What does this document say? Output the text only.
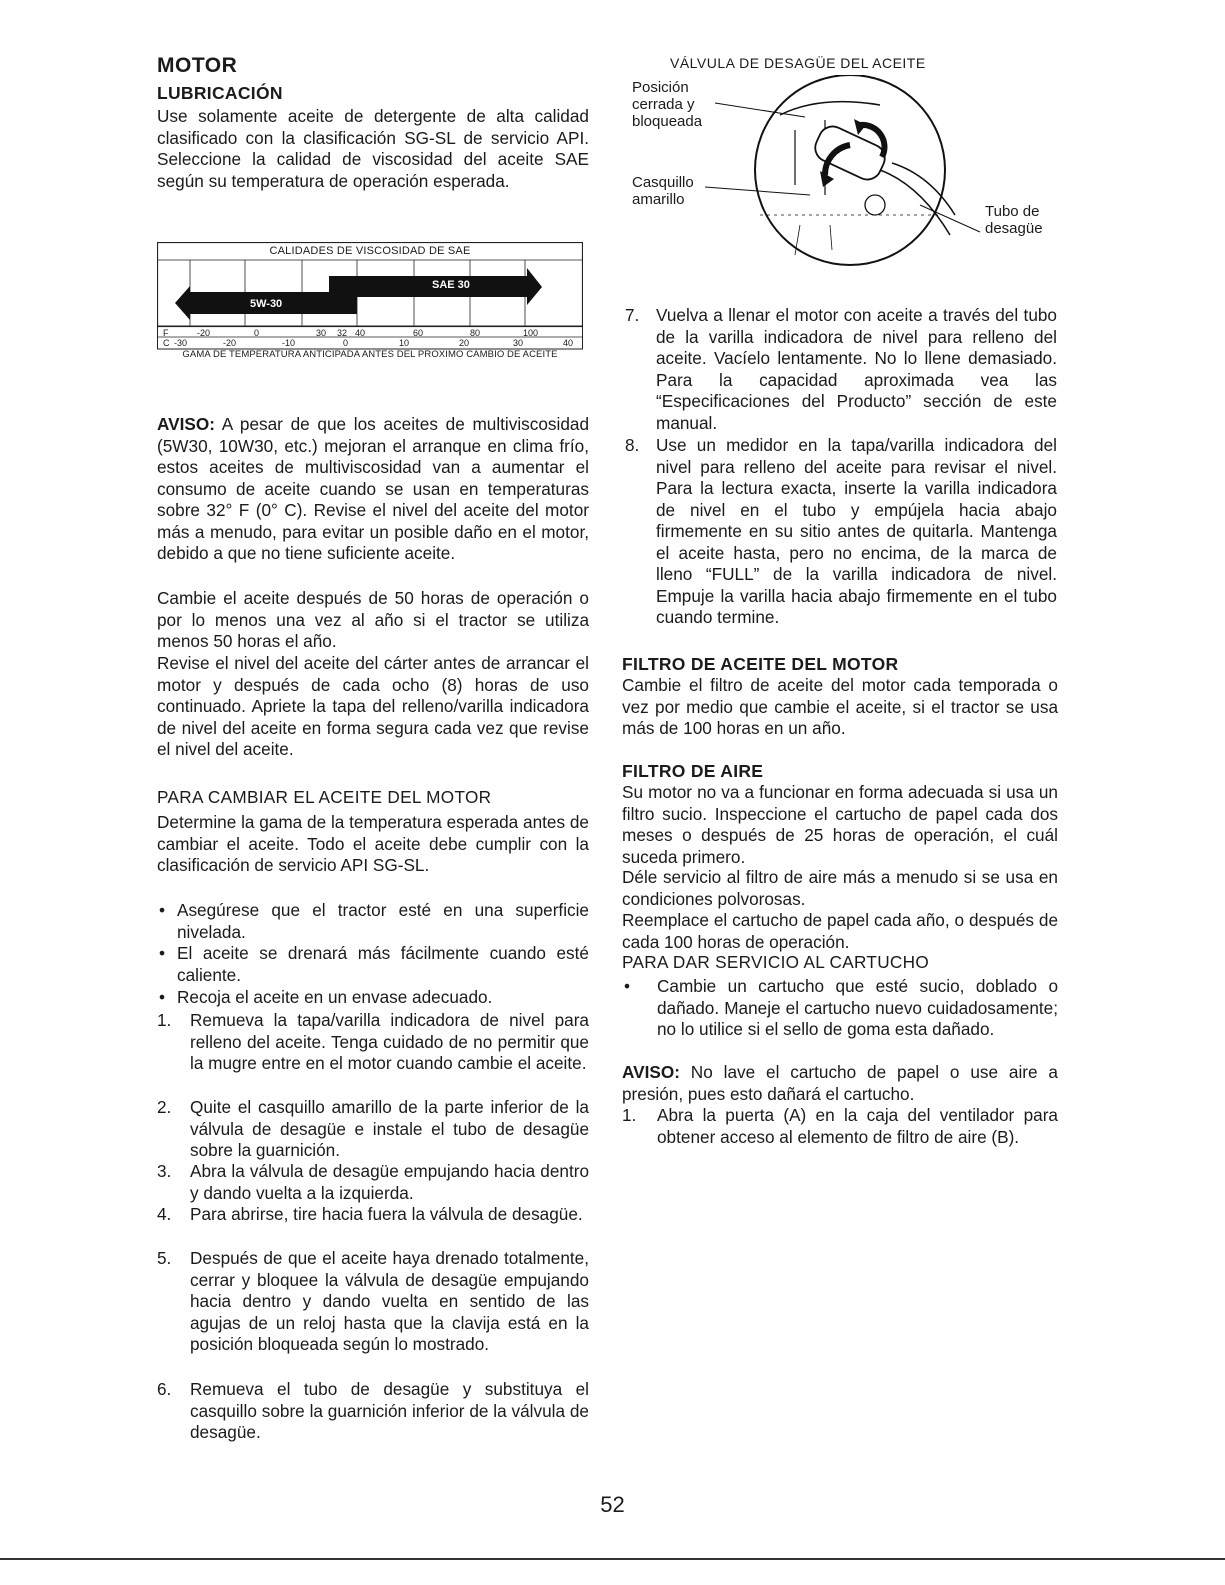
MOTOR
LUBRICACIÓN

Use solamente aceite de detergente de alta calidad clasificado con la clasificación SG-SL de servicio API. Seleccione la calidad de viscosidad del aceite SAE según su temperatura de operación esperada.

CALIDADES DE VISCOSIDAD DE SAE
5W-30
SAE 30
F	-20	0	30 32 40	60	80	100
C -30	-20	-10	0	10	20	30	40

AVISO: A pesar de que los aceites de multiviscosidad (5W30, 10W30, etc.) mejoran el arranque en clima frío, estos aceites de multiviscosidad van a aumentar el consumo de aceite cuando se usan en temperaturas sobre 32° F (0° C). Revise el nivel del aceite del motor más a menudo, para evitar un posible daño en el motor, debido a que no tiene suficiente aceite.

Cambie el aceite después de 50 horas de operación o por lo menos una vez al año si el tractor se utiliza menos 50 horas el año.

Revise el nivel del aceite del cárter antes de arrancar el motor y después de cada ocho (8) horas de uso continuado. Apriete la tapa del relleno/varilla indicadora de nivel del aceite en forma segura cada vez que revise el nivel del aceite.

PARA CAMBIAR EL ACEITE DEL MOTOR

Determine la gama de la temperatura esperada antes de cambiar el aceite. Todo el aceite debe cumplir con la clasificación de servicio API SG-SL.

• Asegúrese que el tractor esté en una superficie nivelada.
• El aceite se drenará más fácilmente cuando esté caliente.
• Recoja el aceite en un envase adecuado.
1.	Remueva la tapa/varilla indicadora de nivel para relleno del aceite. Tenga cuidado de no permitir que la mugre entre en el motor cuando cambie el aceite.
2.	Quite el casquillo amarillo de la parte inferior de la válvula de desagüe e instale el tubo de desagüe sobre la guarnición.
3.	Abra la válvula de desagüe empujando hacia dentro y dando vuelta a la izquierda.
4.	Para abrirse, tire hacia fuera la válvula de desagüe.
5.	Después de que el aceite haya drenado totalmente, cerrar y bloquee la válvula de desagüe empujando hacia dentro y dando vuelta en sentido de las agujas de un reloj hasta que la clavija está en la posición bloqueada según lo mostrado.
6.	Remueva el tubo de desagüe y substituya el casquillo sobre la guarnición inferior de la válvula de desagüe.
VÁLVULA DE DESAGÜE DEL ACEITE
Posición
cerrada y
bloqueada
Casquillo
amarillo
Tubo de
desagüe
7. Vuelva a llenar el motor con aceite a través del tubo de la varilla indicadora de nivel para relleno del aceite. Vacíelo lentamente. No lo llene demasiado. Para la capacidad aproximada vea las “Especificaciones del Producto” sección de este manual.
8. Use un medidor en la tapa/varilla indicadora del nivel para relleno del aceite para revisar el nivel. Para la lectura exacta, inserte la varilla indicadora de nivel en el tubo y empújela hacia abajo firmemente en su sitio antes de quitarla. Mantenga el aceite hasta, pero no encima, de la marca de lleno “FULL” de la varilla indicadora de nivel. Empuje la varilla hacia abajo firmemente en el tubo cuando termine.
FILTRO DE ACEITE DEL MOTOR

Cambie el filtro de aceite del motor cada temporada o vez por medio que cambie el aceite, si el tractor se usa más de 100 horas en un año.

FILTRO DE AIRE

Su motor no va a funcionar en forma adecuada si usa un filtro sucio. Inspeccione el cartucho de papel cada dos meses o después de 25 horas de operación, el cuál suceda primero.

Déle servicio al filtro de aire más a menudo si se usa en condiciones polvorosas.

Reemplace el cartucho de papel cada año, o después de cada 100 horas de operación.

PARA DAR SERVICIO AL CARTUCHO
•	Cambie un cartucho que esté sucio, doblado o dañado. Maneje el cartucho nuevo cuidadosamente; no lo utilice si el sello de goma esta dañado.

AVISO: No lave el cartucho de papel o use aire a presión, pues esto dañará el cartucho.

1.	Abra la puerta (A) en la caja del ventilador para obtener acceso al elemento de filtro de aire (B).
52
GAMA DE TEMPERATURA ANTICIPADA ANTES DEL PROXIMO CAMBIO DE ACEITE
